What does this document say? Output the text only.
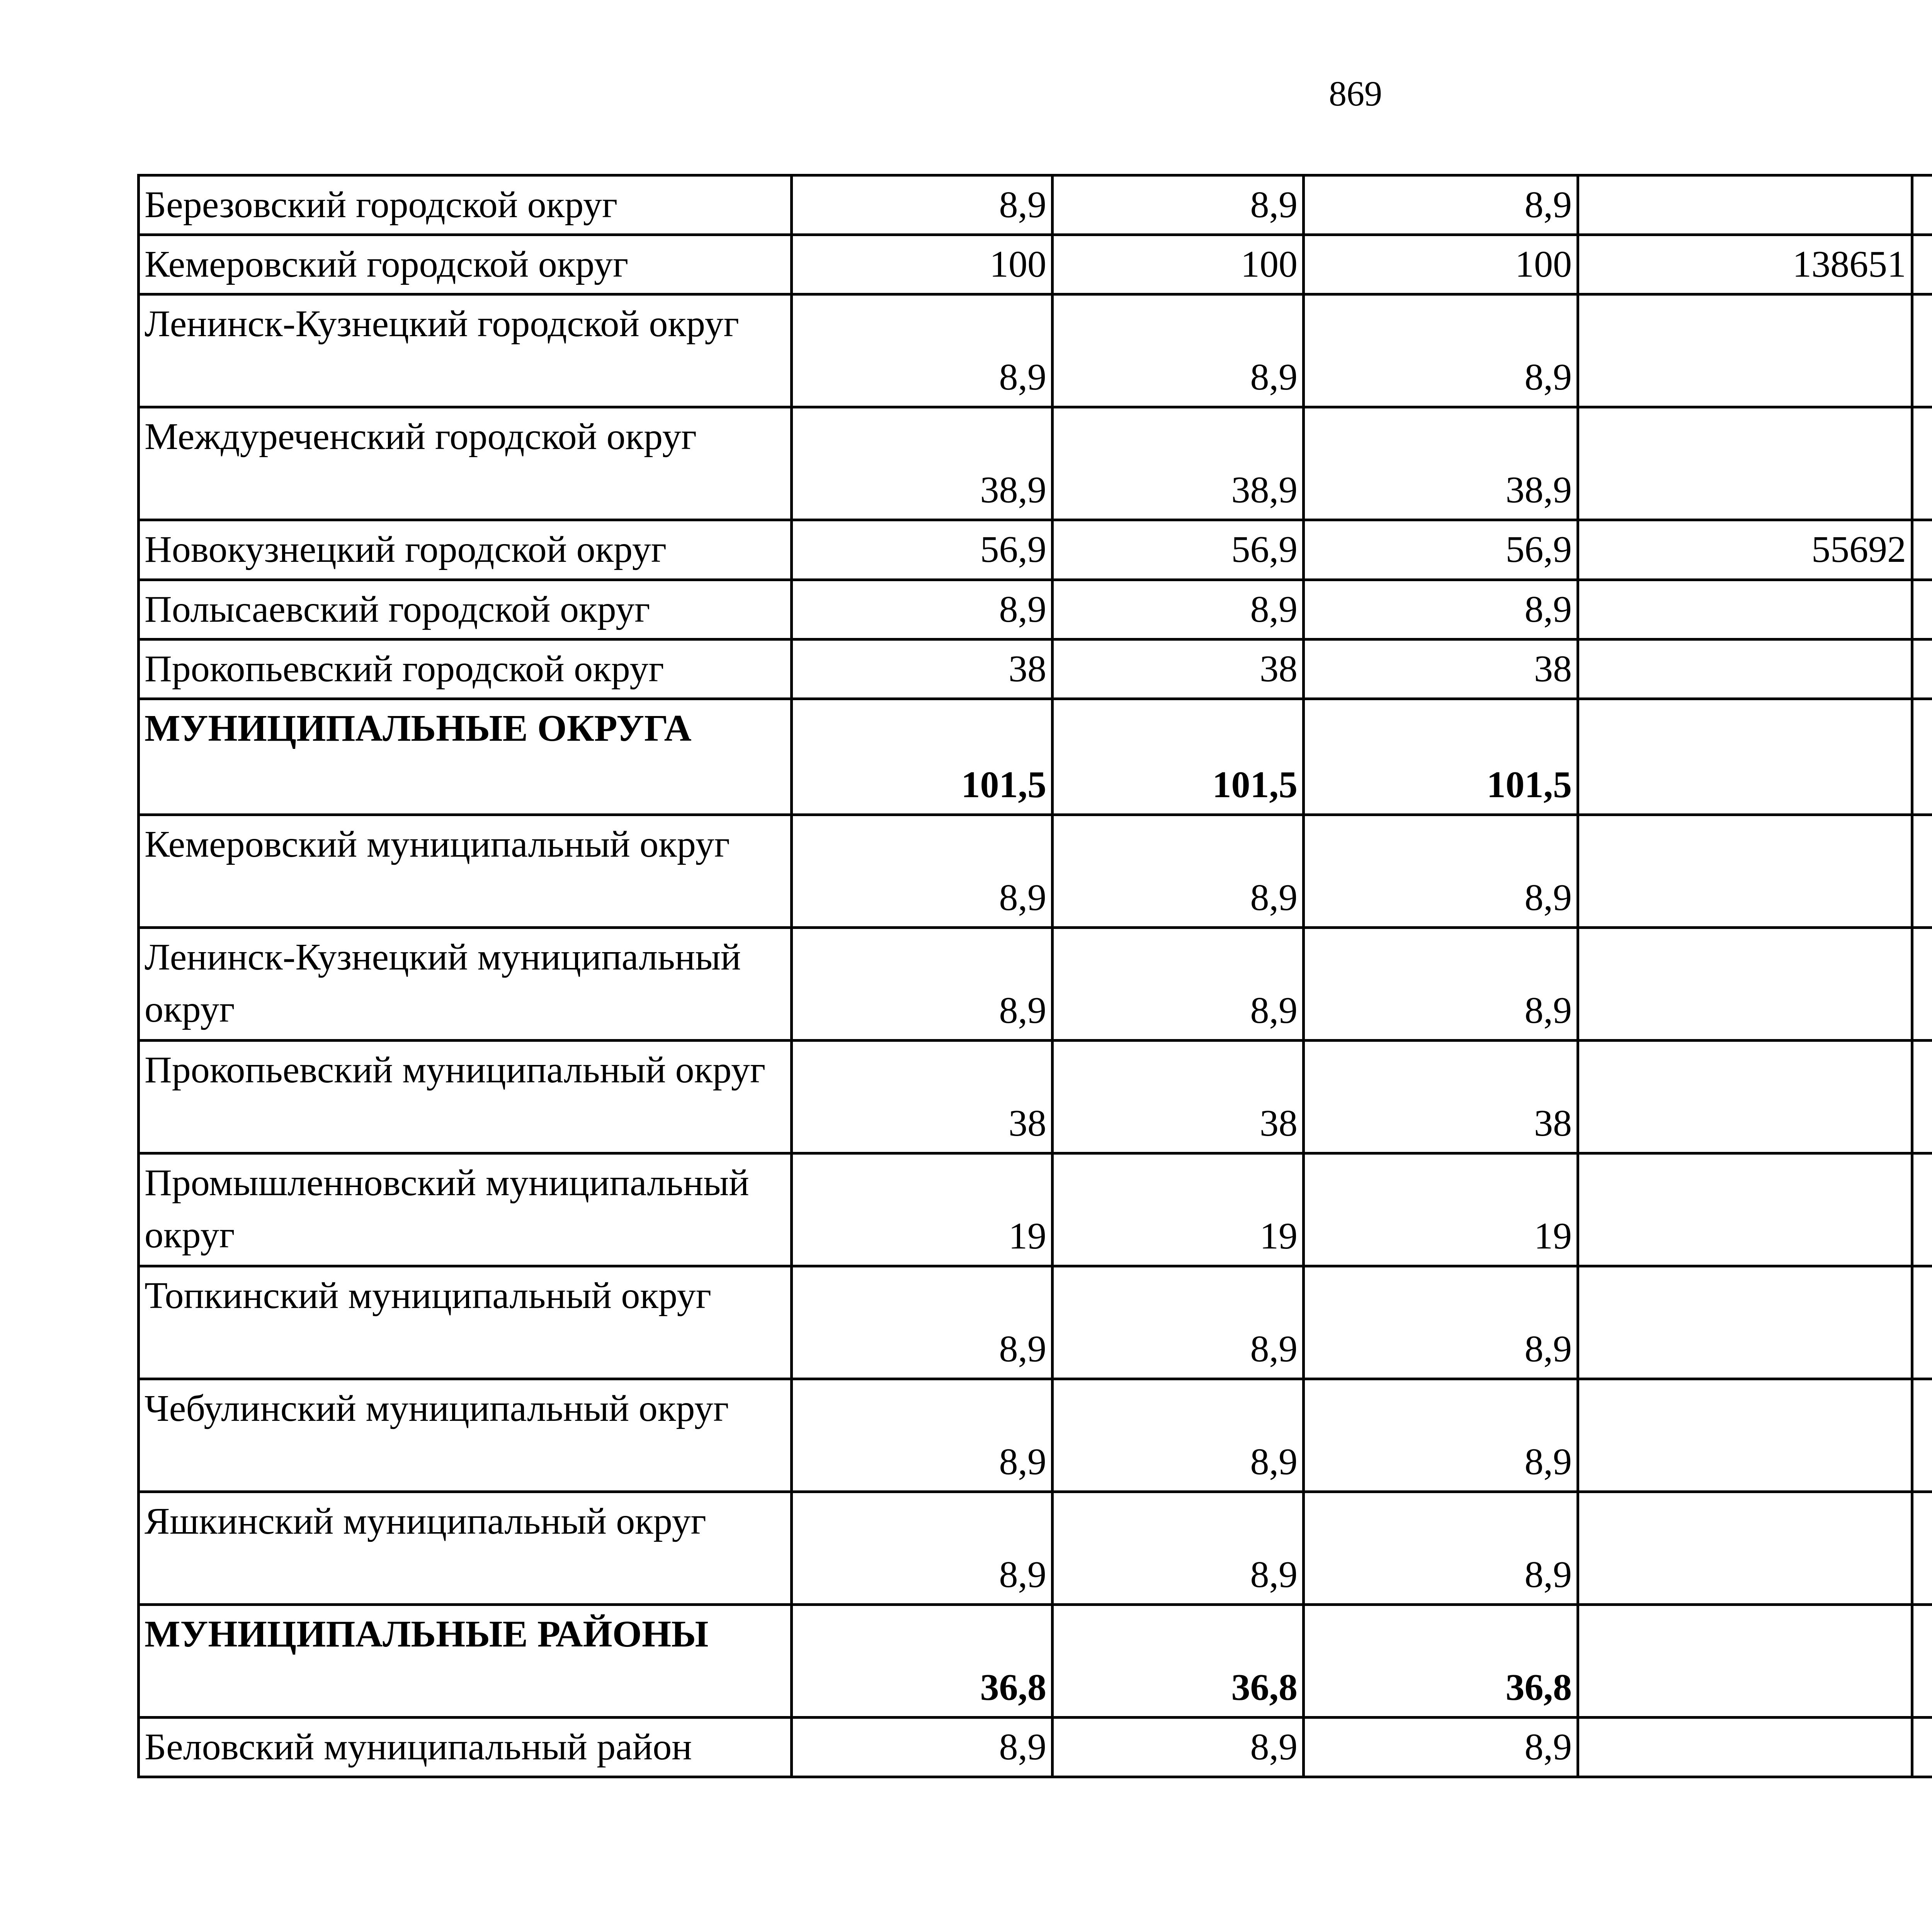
869
Березовский городской округ	8,9	8,9	8,9			
Кемеровский городской округ	100	100	100	138651		
Ленинск-Кузнецкий городской округ	8,9	8,9	8,9			
Междуреченский городской округ	38,9	38,9	38,9			
Новокузнецкий городской округ	56,9	56,9	56,9	55692		
Полысаевский городской округ	8,9	8,9	8,9			
Прокопьевский городской округ	38	38	38			
МУНИЦИПАЛЬНЫЕ ОКРУГА	101,5	101,5	101,5			
Кемеровский муниципальный округ	8,9	8,9	8,9			
Ленинск-Кузнецкий муниципальный округ	8,9	8,9	8,9			
Прокопьевский муниципальный округ	38	38	38			
Промышленновский муниципальный округ	19	19	19			
Топкинский муниципальный округ	8,9	8,9	8,9			
Чебулинский муниципальный округ	8,9	8,9	8,9			
Яшкинский муниципальный округ	8,9	8,9	8,9			
МУНИЦИПАЛЬНЫЕ РАЙОНЫ	36,8	36,8	36,8			
Беловский муниципальный район	8,9	8,9	8,9			
